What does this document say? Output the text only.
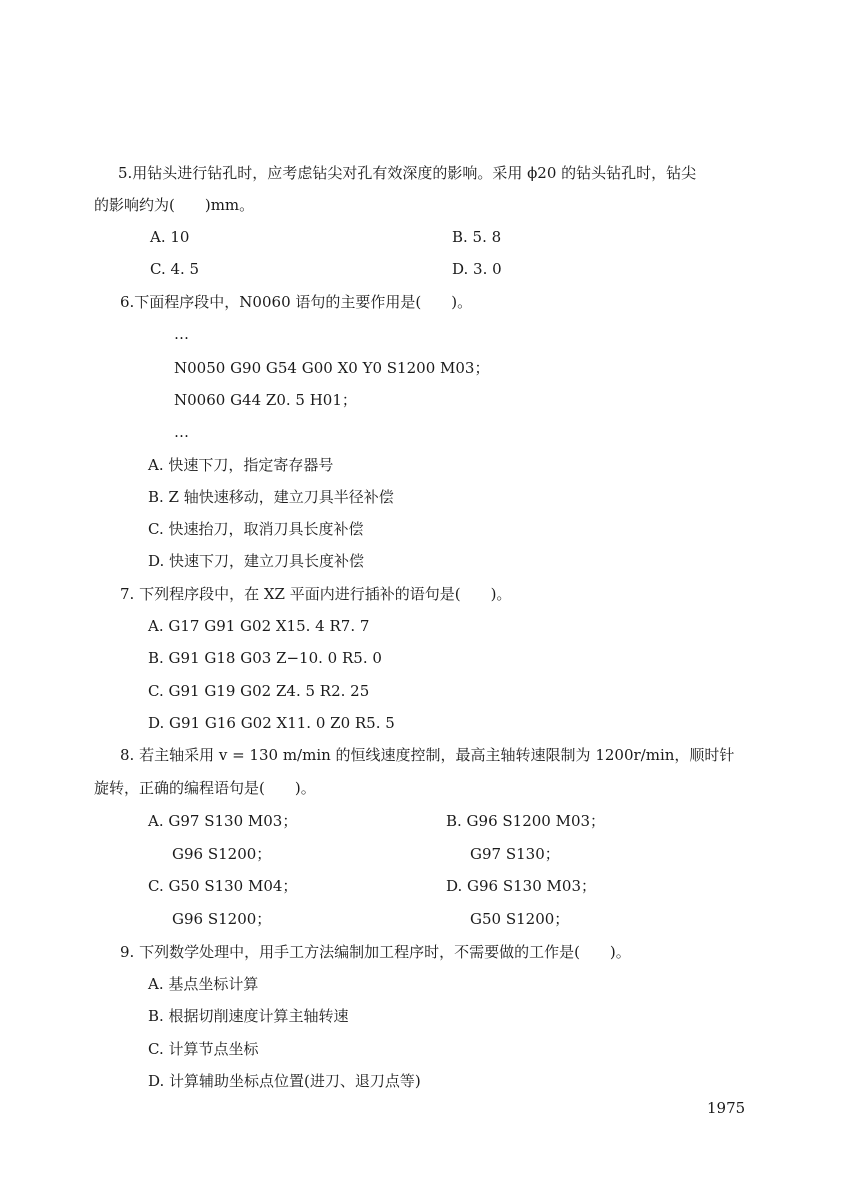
5.用钻头进行钻孔时，应考虑钻尖对孔有效深度的影响。采用 ϕ20 的钻头钻孔时，钻尖
的影响约为(　　)mm。
A. 10	B. 5. 8
C. 4. 5	D. 3. 0
6.下面程序段中，N0060 语句的主要作用是(　　)。
…
N0050 G90 G54 G00 X0 Y0 S1200 M03；
N0060 G44 Z0. 5 H01；
…
A. 快速下刀，指定寄存器号
B. Z 轴快速移动，建立刀具半径补偿
C. 快速抬刀，取消刀具长度补偿
D. 快速下刀，建立刀具长度补偿
7. 下列程序段中，在 XZ 平面内进行插补的语句是(　　)。
A. G17 G91 G02 X15. 4 R7. 7
B. G91 G18 G03 Z−10. 0 R5. 0
C. G91 G19 G02 Z4. 5 R2. 25
D. G91 G16 G02 X11. 0 Z0 R5. 5
8. 若主轴采用 v = 130 m/min 的恒线速度控制，最高主轴转速限制为 1200r/min，顺时针
旋转，正确的编程语句是(　　)。
A. G97 S130 M03；
G96 S1200；
B. G96 S1200 M03；
G97 S130；
C. G50 S130 M04；
G96 S1200；
D. G96 S130 M03；
G50 S1200；
9. 下列数学处理中，用手工方法编制加工程序时，不需要做的工作是(　　)。
A. 基点坐标计算
B. 根据切削速度计算主轴转速
C. 计算节点坐标
D. 计算辅助坐标点位置(进刀、退刀点等)
1975
